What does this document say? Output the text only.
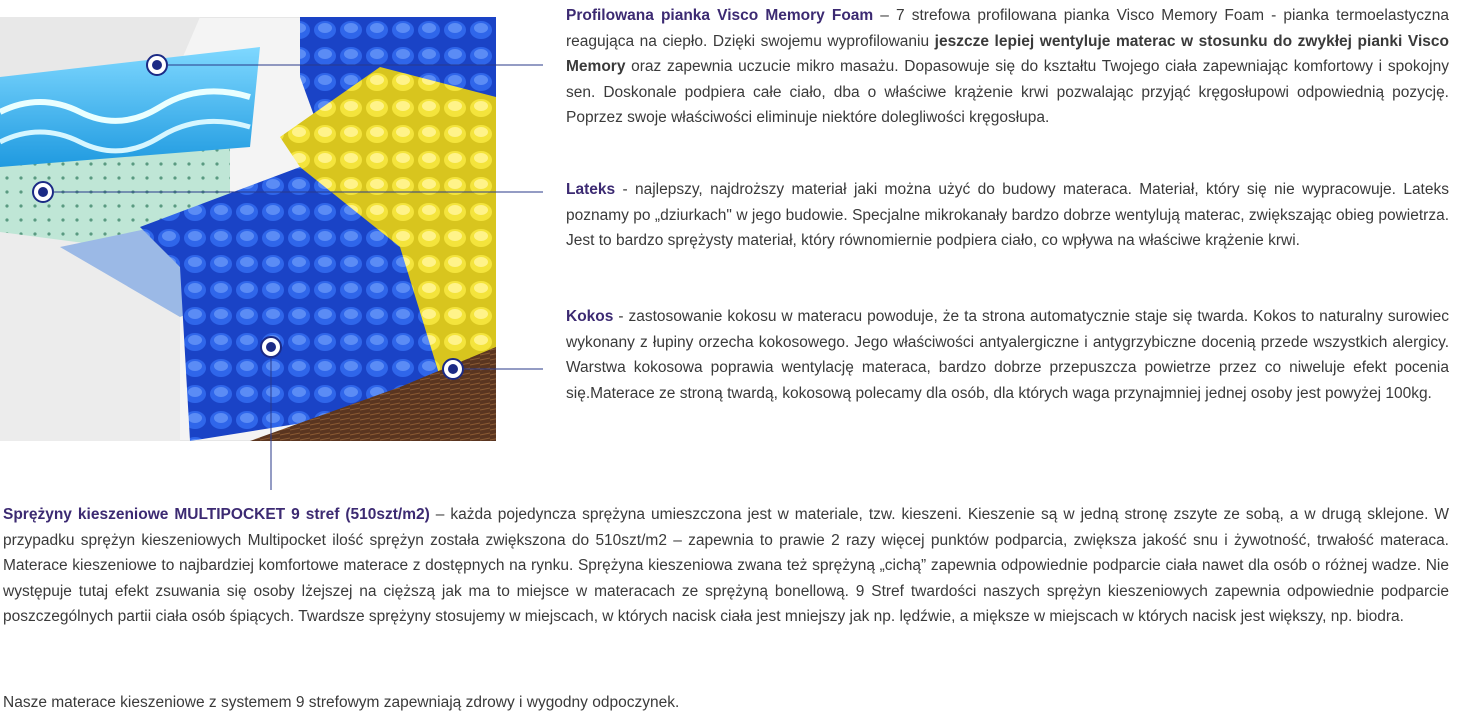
Profilowana pianka Visco Memory Foam – 7 strefowa profilowana pianka Visco Memory Foam - pianka termoelastyczna reagująca na ciepło. Dzięki swojemu wyprofilowaniu jeszcze lepiej wentyluje materac w stosunku do zwykłej pianki Visco Memory oraz zapewnia uczucie mikro masażu. Dopasowuje się do kształtu Twojego ciała zapewniając komfortowy i spokojny sen. Doskonale podpiera całe ciało, dba o właściwe krążenie krwi pozwalając przyjąć kręgosłupowi odpowiednią pozycję. Poprzez swoje właściwości eliminuje niektóre dolegliwości kręgosłupa.
Lateks - najlepszy, najdroższy materiał jaki można użyć do budowy materaca. Materiał, który się nie wypracowuje. Lateks poznamy po „dziurkach" w jego budowie. Specjalne mikrokanały bardzo dobrze wentylują materac, zwiększając obieg powietrza. Jest to bardzo sprężysty materiał, który równomiernie podpiera ciało, co wpływa na właściwe krążenie krwi.
Kokos - zastosowanie kokosu w materacu powoduje, że ta strona automatycznie staje się twarda. Kokos to naturalny surowiec wykonany z łupiny orzecha kokosowego. Jego właściwości antyalergiczne i antygrzybiczne docenią przede wszystkich alergicy. Warstwa kokosowa poprawia wentylację materaca, bardzo dobrze przepuszcza powietrze przez co niweluje efekt pocenia się.Materace ze stroną twardą, kokosową polecamy dla osób, dla których waga przynajmniej jednej osoby jest powyżej 100kg.
Sprężyny kieszeniowe MULTIPOCKET 9 stref (510szt/m2) – każda pojedyncza sprężyna umieszczona jest w materiale, tzw. kieszeni. Kieszenie są w jedną stronę zszyte ze sobą, a w drugą sklejone. W przypadku sprężyn kieszeniowych Multipocket ilość sprężyn została zwiększona do 510szt/m2 – zapewnia to prawie 2 razy więcej punktów podparcia, zwiększa jakość snu i żywotność, trwałość materaca. Materace kieszeniowe to najbardziej komfortowe materace z dostępnych na rynku. Sprężyna kieszeniowa zwana też sprężyną „cichą” zapewnia odpowiednie podparcie ciała nawet dla osób o różnej wadze. Nie występuje tutaj efekt zsuwania się osoby lżejszej na cięższą jak ma to miejsce w materacach ze sprężyną bonellową. 9 Stref twardości naszych sprężyn kieszeniowych zapewnia odpowiednie podparcie poszczególnych partii ciała osób śpiących. Twardsze sprężyny stosujemy w miejscach, w których nacisk ciała jest mniejszy jak np. lędźwie, a miększe w miejscach w których nacisk jest większy, np. biodra.
Nasze materace kieszeniowe z systemem 9 strefowym zapewniają zdrowy i wygodny odpoczynek.
